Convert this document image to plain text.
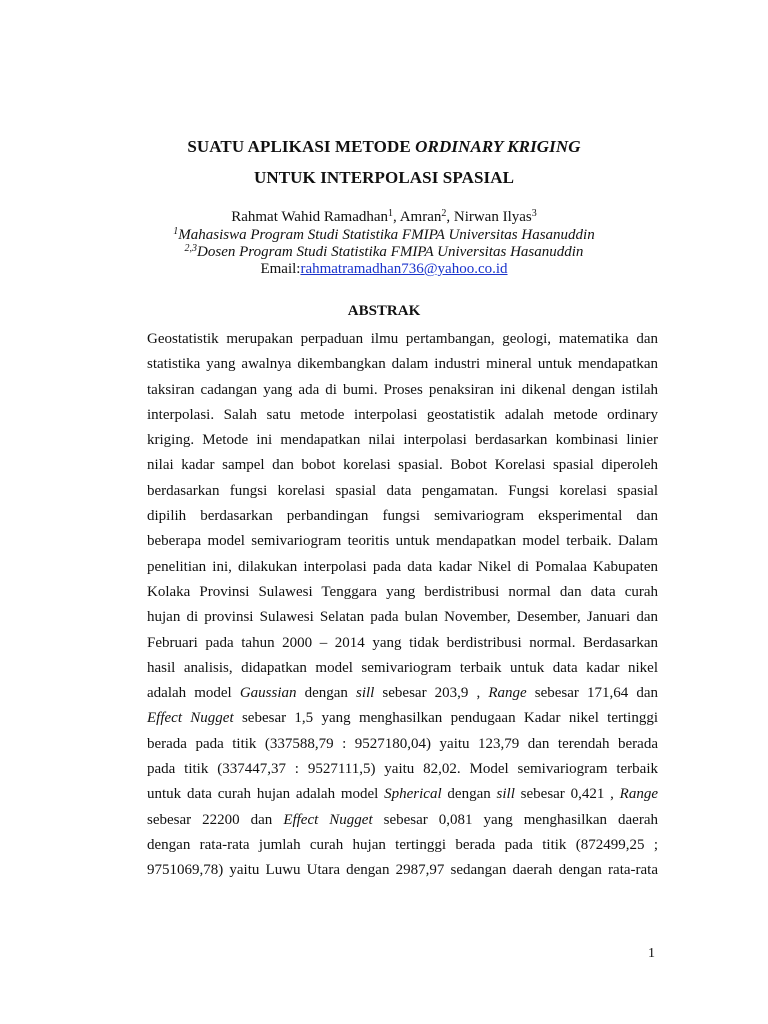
SUATU APLIKASI METODE ORDINARY KRIGING
UNTUK INTERPOLASI SPASIAL
Rahmat Wahid Ramadhan$^1$, Amran$^2$, Nirwan Ilyas$^3$
$^1$Mahasiswa Program Studi Statistika FMIPA Universitas Hasanuddin
$^{2,3}$Dosen Program Studi Statistika FMIPA Universitas Hasanuddin
Email:rahmatramadhan736@yahoo.co.id
ABSTRAK
Geostatistik merupakan perpaduan ilmu pertambangan, geologi, matematika dan
statistika yang awalnya dikembangkan dalam industri mineral untuk mendapatkan
taksiran cadangan yang ada di bumi. Proses penaksiran ini dikenal dengan istilah
interpolasi. Salah satu metode interpolasi geostatistik adalah metode ordinary
kriging. Metode ini mendapatkan nilai interpolasi berdasarkan kombinasi linier
nilai kadar sampel dan bobot korelasi spasial. Bobot Korelasi spasial diperoleh
berdasarkan fungsi korelasi spasial data pengamatan. Fungsi korelasi spasial
dipilih berdasarkan perbandingan fungsi semivariogram eksperimental dan
beberapa model semivariogram teoritis untuk mendapatkan model terbaik. Dalam
penelitian ini, dilakukan interpolasi pada data kadar Nikel di Pomalaa Kabupaten
Kolaka Provinsi Sulawesi Tenggara yang berdistribusi normal dan data curah
hujan di provinsi Sulawesi Selatan pada bulan November, Desember, Januari dan
Februari pada tahun 2000 – 2014 yang tidak berdistribusi normal. Berdasarkan
hasil analisis, didapatkan model semivariogram terbaik untuk data kadar nikel
adalah model Gaussian dengan sill sebesar 203,9 , Range sebesar 171,64 dan
Effect Nugget sebesar 1,5 yang menghasilkan pendugaan Kadar nikel tertinggi
berada pada titik (337588,79 : 9527180,04) yaitu 123,79 dan terendah berada
pada titik (337447,37 : 9527111,5) yaitu 82,02. Model semivariogram terbaik
untuk data curah hujan adalah model Spherical dengan sill sebesar 0,421 , Range
sebesar 22200 dan Effect Nugget sebesar 0,081 yang menghasilkan daerah
dengan rata-rata jumlah curah hujan tertinggi berada pada titik (872499,25 ;
9751069,78) yaitu Luwu Utara dengan 2987,97 sedangan daerah dengan rata-rata
1
